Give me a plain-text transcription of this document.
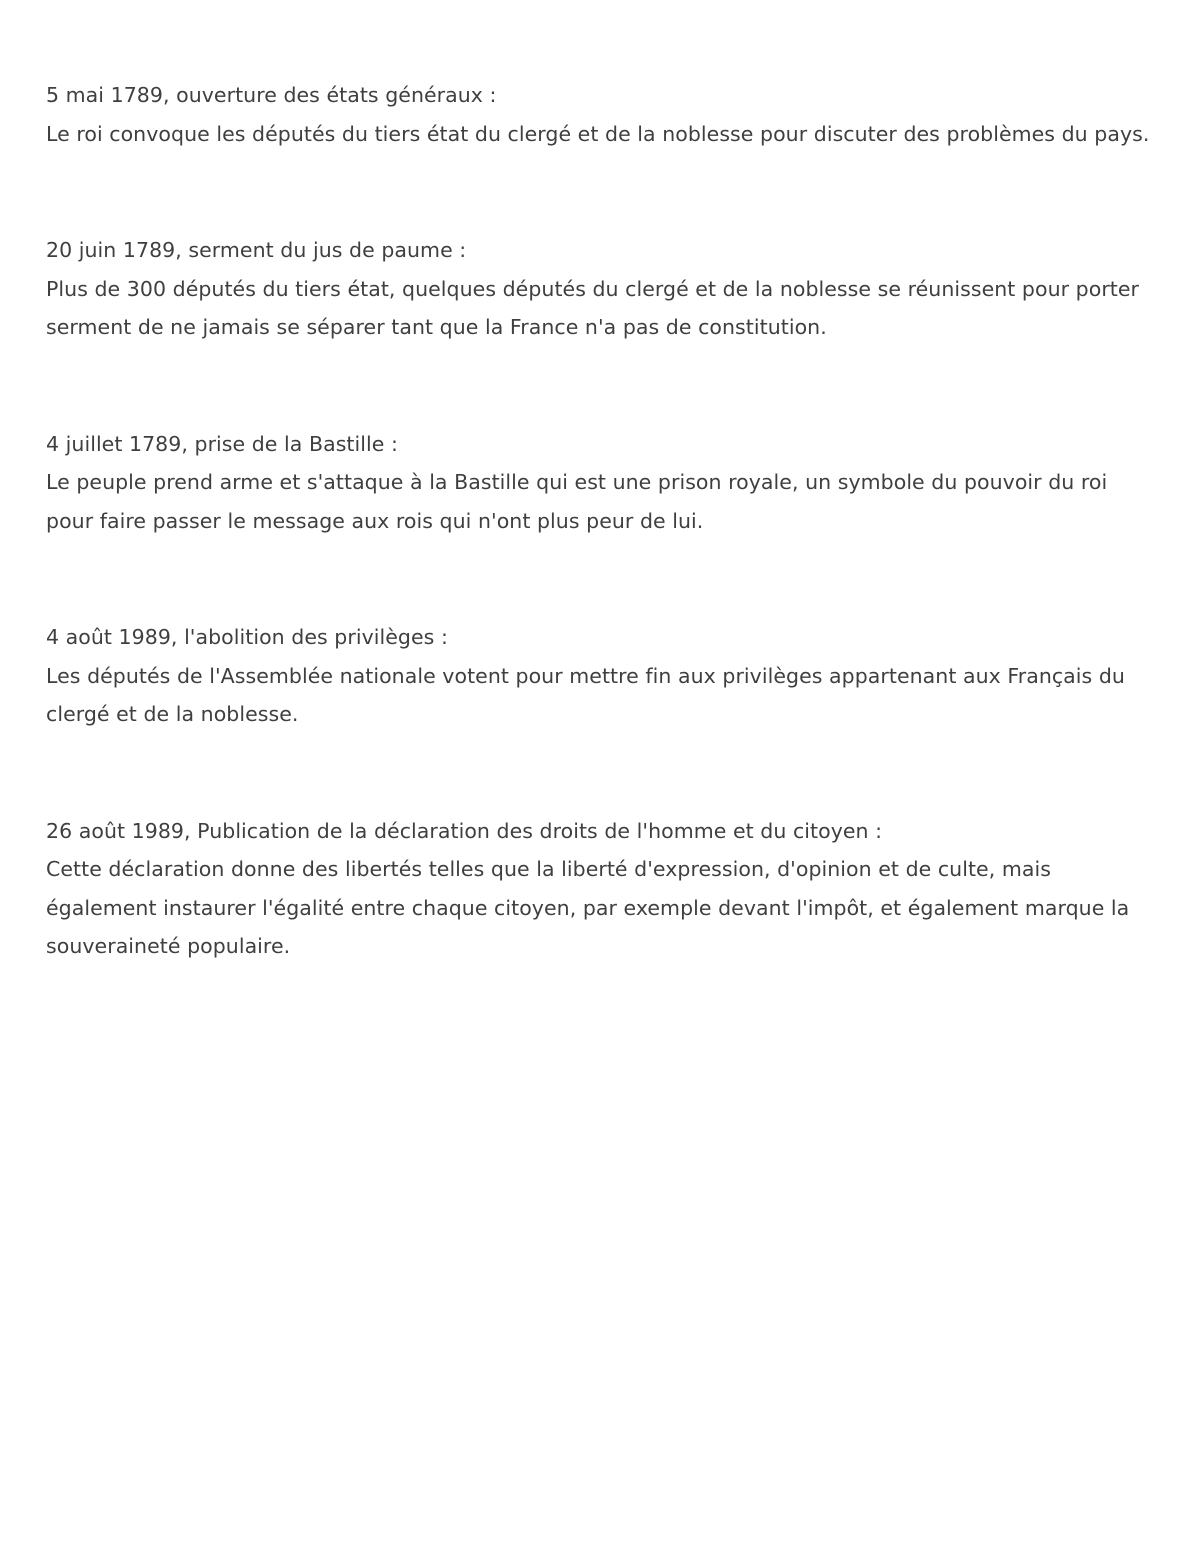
5 mai 1789, ouverture des états généraux :

Le roi convoque les députés du tiers état du clergé et de la noblesse pour discuter des problèmes du pays.

20 juin 1789, serment du jus de paume :

Plus de 300 députés du tiers état, quelques députés du clergé et de la noblesse se réunissent pour porter serment de ne jamais se séparer tant que la France n'a pas de constitution.

4 juillet 1789, prise de la Bastille :

Le peuple prend arme et s'attaque à la Bastille qui est une prison royale, un symbole du pouvoir du roi pour faire passer le message aux rois qui n'ont plus peur de lui.

4 août 1989, l'abolition des privilèges :

Les députés de l'Assemblée nationale votent pour mettre fin aux privilèges appartenant aux Français du clergé et de la noblesse.

26 août 1989, Publication de la déclaration des droits de l'homme et du citoyen :

Cette déclaration donne des libertés telles que la liberté d'expression, d'opinion et de culte, mais également instaurer l'égalité entre chaque citoyen, par exemple devant l'impôt, et également marque la souveraineté populaire.
